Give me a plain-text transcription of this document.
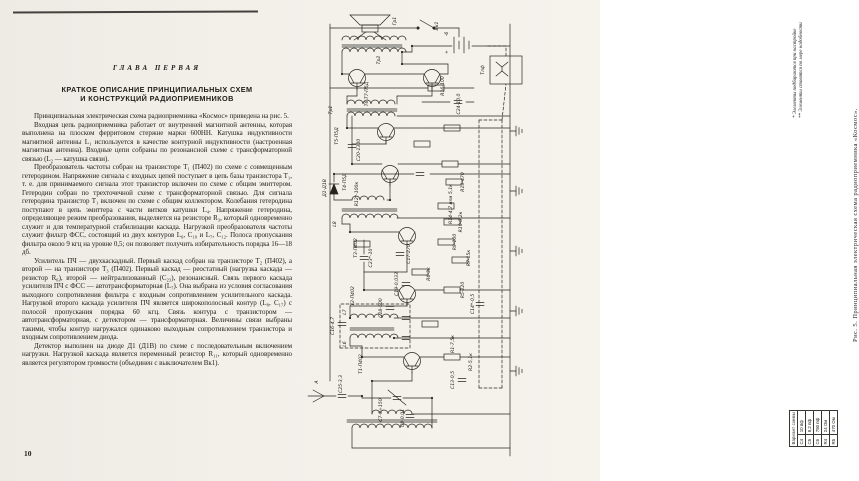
ГЛАВА ПЕРВАЯ
КРАТКОЕ ОПИСАНИЕ ПРИНЦИПИАЛЬНЫХ СХЕМ
И КОНСТРУКЦИЙ РАДИОПРИЕМНИКОВ

Принципиальная электрическая схема радиоприемника «Космос» приведена на рис. 5.

Входная цепь радиоприемника работает от внутренней магнитной антенны, которая выполнена на плоском ферритовом стержне марки 600НН. Катушка индуктивности магнитной антенны L₁ используется в качестве контурной индуктивности (настроенная магнитная антенна). Входные цепи собраны по резонансной схеме с трансформаторной связью (L₂ — катушка связи).

Преобразователь частоты собран на транзисторе Т₁ (П402) по схеме с совмещенным гетеродином. Напряжение сигнала с входных цепей поступает в цепь базы транзистора Т₁, т. е. для принимаемого сигнала этот транзистор включен по схеме с общим эмиттером. Гетеродин собран по трехточечной схеме с трансформаторной связью. Для сигнала гетеродина транзистор Т₁ включен по схеме с общим коллектором. Колебания гетеродина поступают в цепь эмиттера с части витков катушки L₄. Напряжение гетеродина, определяющее режим преобразования, выделяется на резисторе R₃, который одновременно служит и для температурной стабилизации каскада. Нагрузкой преобразователя частоты служит фильтр ФСС, состоящий из двух контуров L₆, C₁₀ и L₇, C₁₂. Полоса пропускания фильтра около 9 кгц на уровне 0,5; он позволяет получить избирательность порядка 16—18 дб.

Усилитель ПЧ — двухкаскадный. Первый каскад собран на транзисторе Т₂ (П402), а второй — на транзисторе Т₃ (П402). Первый каскад — реостатный (нагрузка каскада — резистор R₆), второй — нейтрализованный (С₂₃), резонансный. Связь первого каскада усилителя ПЧ с ФСС — автотрансформаторная (L₇). Она выбрана из условия согласования выходного сопротивления фильтра с входным сопротивлением усилительного каскада. Нагрузкой второго каскада усилителя ПЧ является широкополосный контур (L₈, C₁₇) с полосой пропускания порядка 60 кгц. Связь контура с транзистором — автотрансформаторная, с детектором — трансформаторная. Величины связи выбраны такими, чтобы контур нагружался одинаково выходным сопротивлением транзистора и входным сопротивлением диода.

Детектор выполнен на диоде Д1 (Д1В) по схеме с последовательным включением нагрузки. Нагрузкой каскада является переменный резистор R₁₁, который одновременно является регулятором громкости (объединен с выключателем Вк1).

10
Гр1
Тр2
Т6,Т7-П5Д
Тр1
Т5-П5Д
С20-1300
Т4-П5Д R12*-100к
Д1-Д1В
Т3-П402
С23*-10	С17-270
С19-0,033
С18-500
Т2-П402
Т1-П402
С16-4,7
С8-0,01
С7-3÷150
С25-3,3
А
L6
L7
L8
R1-7,5к
С13-0,5
R2-5,1к
С14*-0,5
R5-220
R6-3к
R7-15к
R9-100
R10-8,2к
R14-4,7 или 5,1к
R13-470
R16-100
С24-10,0
Вк1
-6
+
Тлф	* Элементы подбираются при настройке ** Элементы ставятся по мере надобности
Рис. 5. Принципиальная электрическая схема радиоприемника «Космос».
Вариант схемы	
С4	10 пф
С5	8,2 пф
С6	750 пф
R4	24 Ом
R5	470 Ом
